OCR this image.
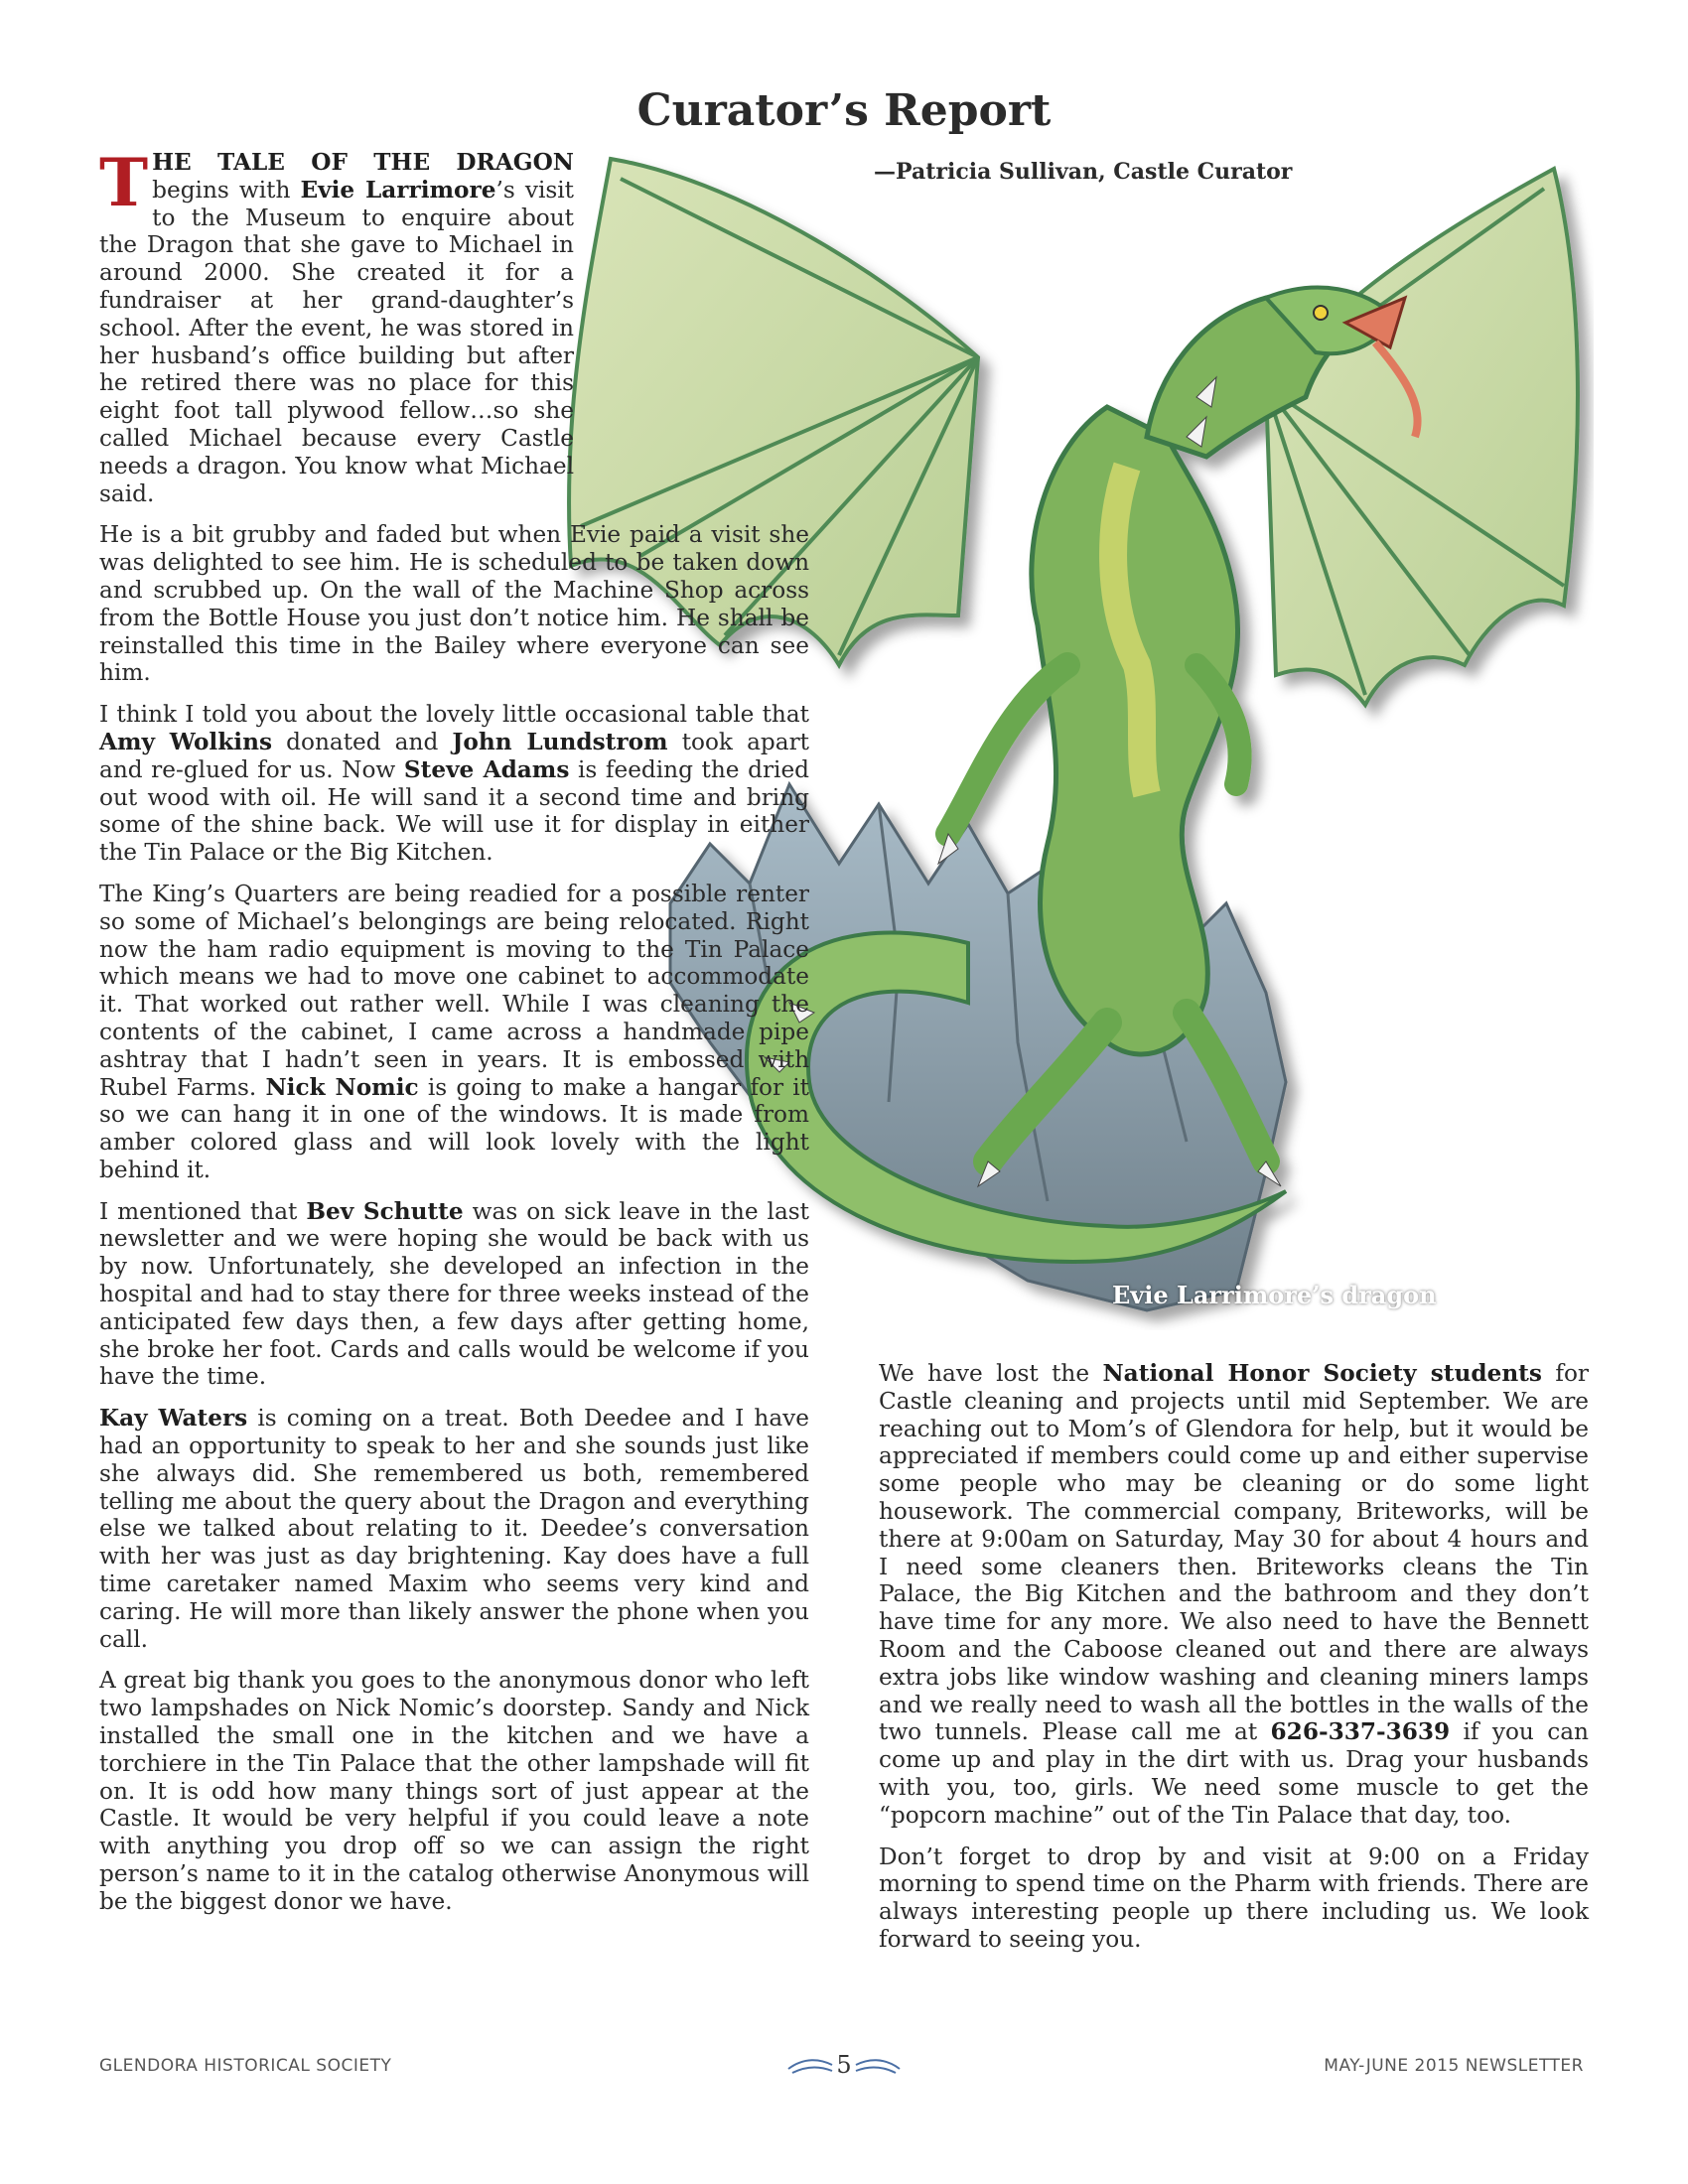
Curator’s Report
—Patricia Sullivan, Castle Curator
Evie Larrimore’s dragon

THE TALE OF THE DRAGON begins with Evie Larrimore’s visit to the Museum to enquire about the Dragon that she gave to Michael in around 2000. She created it for a fundraiser at her grand-daughter’s school. After the event, he was stored in her husband’s office building but after he retired there was no place for this eight foot tall plywood fellow…so she called Michael because every Castle needs a dragon. You know what Michael said.

He is a bit grubby and faded but when Evie paid a visit she was delighted to see him. He is scheduled to be taken down and scrubbed up. On the wall of the Machine Shop across from the Bottle House you just don’t notice him. He shall be reinstalled this time in the Bailey where everyone can see him.

I think I told you about the lovely little occasional table that Amy Wolkins donated and John Lundstrom took apart and re-glued for us. Now Steve Adams is feeding the dried out wood with oil. He will sand it a second time and bring some of the shine back. We will use it for display in either the Tin Palace or the Big Kitchen.

The King’s Quarters are being readied for a possible renter so some of Michael’s belongings are being relocated. Right now the ham radio equipment is moving to the Tin Palace which means we had to move one cabinet to accommodate it. That worked out rather well. While I was cleaning the contents of the cabinet, I came across a handmade pipe ashtray that I hadn’t seen in years. It is embossed with Rubel Farms. Nick Nomic is going to make a hangar for it so we can hang it in one of the windows. It is made from amber colored glass and will look lovely with the light behind it.

I mentioned that Bev Schutte was on sick leave in the last newsletter and we were hoping she would be back with us by now. Unfortunately, she developed an infection in the hospital and had to stay there for three weeks instead of the anticipated few days then, a few days after getting home, she broke her foot. Cards and calls would be welcome if you have the time.

Kay Waters is coming on a treat. Both Deedee and I have had an opportunity to speak to her and she sounds just like she always did. She remembered us both, remembered telling me about the query about the Dragon and everything else we talked about relating to it. Deedee’s conversation with her was just as day brightening. Kay does have a full time caretaker named Maxim who seems very kind and caring. He will more than likely answer the phone when you call.

A great big thank you goes to the anonymous donor who left two lampshades on Nick Nomic’s doorstep. Sandy and Nick installed the small one in the kitchen and we have a torchiere in the Tin Palace that the other lampshade will fit on. It is odd how many things sort of just appear at the Castle. It would be very helpful if you could leave a note with anything you drop off so we can assign the right person’s name to it in the catalog otherwise Anonymous will be the biggest donor we have.

We have lost the National Honor Society students for Castle cleaning and projects until mid September. We are reaching out to Mom’s of Glendora for help, but it would be appreciated if members could come up and either supervise some people who may be cleaning or do some light housework. The commercial company, Briteworks, will be there at 9:00am on Saturday, May 30 for about 4 hours and I need some cleaners then. Briteworks cleans the Tin Palace, the Big Kitchen and the bathroom and they don’t have time for any more. We also need to have the Bennett Room and the Caboose cleaned out and there are always extra jobs like window washing and cleaning miners lamps and we really need to wash all the bottles in the walls of the two tunnels. Please call me at 626-337-3639 if you can come up and play in the dirt with us. Drag your husbands with you, too, girls. We need some muscle to get the “popcorn machine” out of the Tin Palace that day, too.

Don’t forget to drop by and visit at 9:00 on a Friday morning to spend time on the Pharm with friends. There are always interesting people up there including us. We look forward to seeing you.

GLENDORA HISTORICAL SOCIETY	5	MAY-JUNE 2015 NEWSLETTER
